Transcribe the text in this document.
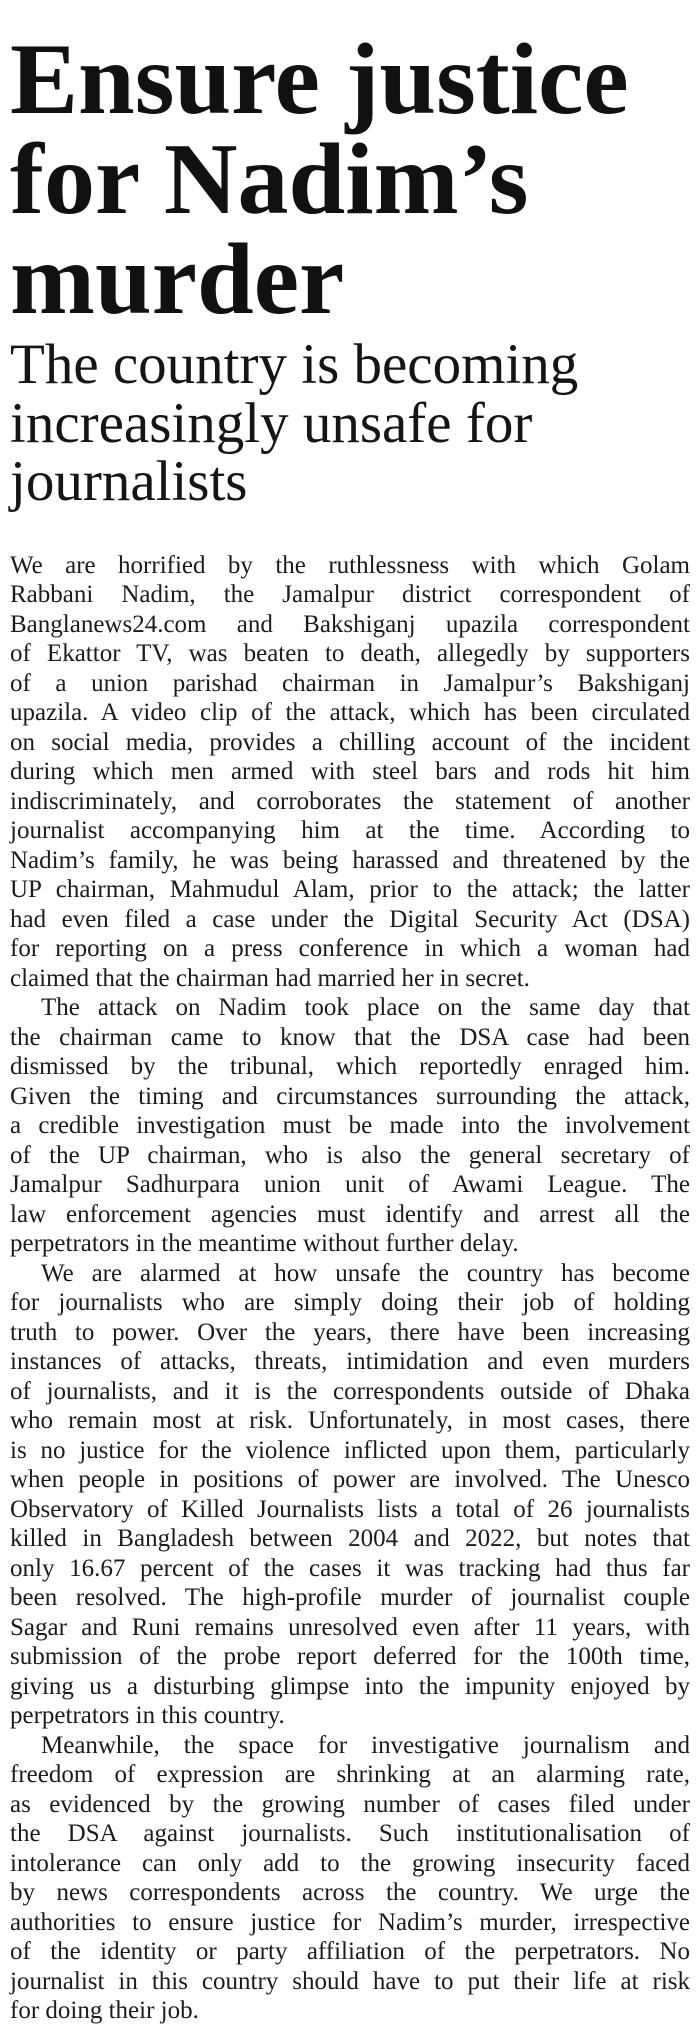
Ensure justice
for Nadim’s
murder
The country is becoming
increasingly unsafe for
journalists

We are horrified by the ruthlessness with which Golam
Rabbani Nadim, the Jamalpur district correspondent of
Banglanews24.com and Bakshiganj upazila correspondent
of Ekattor TV, was beaten to death, allegedly by supporters
of a union parishad chairman in Jamalpur’s Bakshiganj
upazila. A video clip of the attack, which has been circulated
on social media, provides a chilling account of the incident
during which men armed with steel bars and rods hit him
indiscriminately, and corroborates the statement of another
journalist accompanying him at the time. According to
Nadim’s family, he was being harassed and threatened by the
UP chairman, Mahmudul Alam, prior to the attack; the latter
had even filed a case under the Digital Security Act (DSA)
for reporting on a press conference in which a woman had
claimed that the chairman had married her in secret.

The attack on Nadim took place on the same day that
the chairman came to know that the DSA case had been
dismissed by the tribunal, which reportedly enraged him.
Given the timing and circumstances surrounding the attack,
a credible investigation must be made into the involvement
of the UP chairman, who is also the general secretary of
Jamalpur Sadhurpara union unit of Awami League. The
law enforcement agencies must identify and arrest all the
perpetrators in the meantime without further delay.

We are alarmed at how unsafe the country has become
for journalists who are simply doing their job of holding
truth to power. Over the years, there have been increasing
instances of attacks, threats, intimidation and even murders
of journalists, and it is the correspondents outside of Dhaka
who remain most at risk. Unfortunately, in most cases, there
is no justice for the violence inflicted upon them, particularly
when people in positions of power are involved. The Unesco
Observatory of Killed Journalists lists a total of 26 journalists
killed in Bangladesh between 2004 and 2022, but notes that
only 16.67 percent of the cases it was tracking had thus far
been resolved. The high-profile murder of journalist couple
Sagar and Runi remains unresolved even after 11 years, with
submission of the probe report deferred for the 100th time,
giving us a disturbing glimpse into the impunity enjoyed by
perpetrators in this country.

Meanwhile, the space for investigative journalism and
freedom of expression are shrinking at an alarming rate,
as evidenced by the growing number of cases filed under
the DSA against journalists. Such institutionalisation of
intolerance can only add to the growing insecurity faced
by news correspondents across the country. We urge the
authorities to ensure justice for Nadim’s murder, irrespective
of the identity or party affiliation of the perpetrators. No
journalist in this country should have to put their life at risk
for doing their job.
